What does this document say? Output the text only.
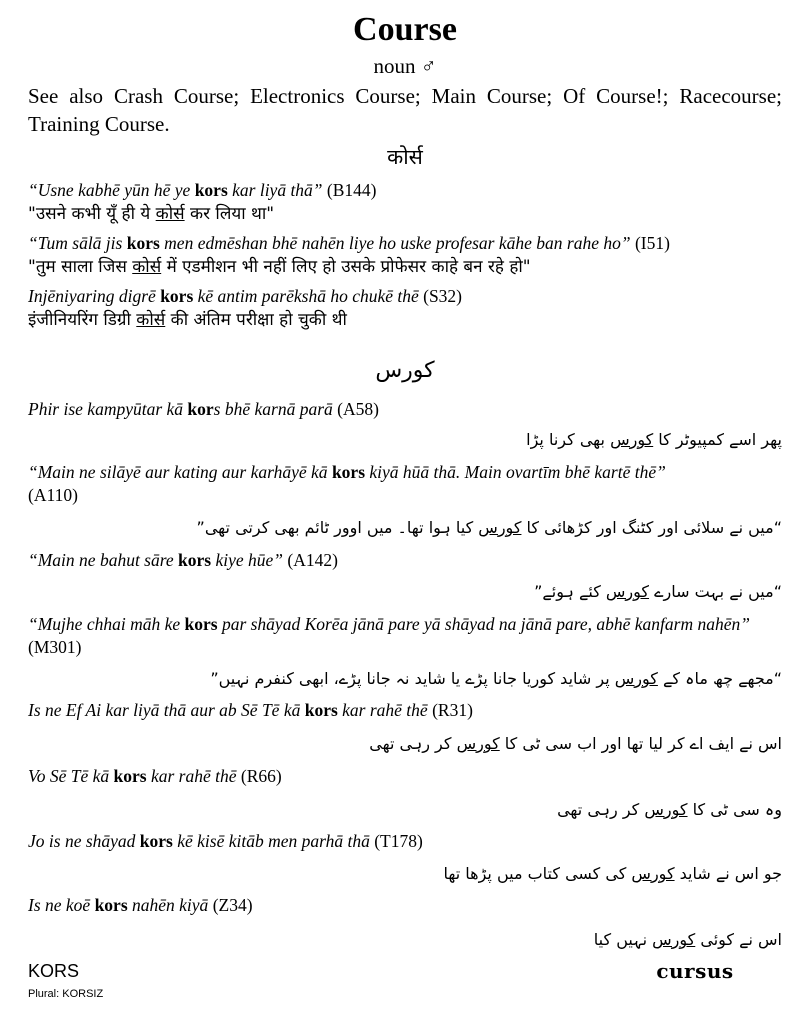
Course
noun ♂
See also Crash Course; Electronics Course; Main Course; Of Course!; Racecourse; Training Course.
कोर्स
“Usne kabhē yūn hē ye kors kar liyā thā” (B144)
"उसने कभी यूँ ही ये कोर्स कर लिया था"
“Tum sālā jis kors men edmēshan bhē nahēn liye ho uske profesar kāhe ban rahe ho” (I51)
"तुम साला जिस कोर्स में एडमीशन भी नहीं लिए हो उसके प्रोफेसर काहे बन रहे हो"
Injēniyaring digrē kors kē antim parēkshā ho chukē thē (S32)
इंजीनियरिंग डिग्री कोर्स की अंतिम परीक्षा हो चुकी थी
کورس
Phir ise kampyūtar kā kors bhē karnā parā (A58)
پھر اسے کمپیوٹر کا کورس بھی کرنا پڑا
“Main ne silāyē aur kating aur karhāyē kā kors kiyā hūā thā. Main ovartīm bhē kartē thē”
(A110)
“میں نے سلائی اور کٹنگ اور کڑھائی کا کورس کیا ہوا تھا۔ میں اوور ٹائم بھی کرتی تھی”
“Main ne bahut sāre kors kiye hūe” (A142)
“میں نے بہت سارے کورس کئے ہوئے”
“Mujhe chhai māh ke kors par shāyad Korēa jānā pare yā shāyad na jānā pare, abhē kanfarm nahēn” (M301)
“مجھے چھ ماہ کے کورس پر شاید کوریا جانا پڑے یا شاید نہ جانا پڑے، ابھی کنفرم نہیں”
Is ne Ef Ai kar liyā thā aur ab Sē Tē kā kors kar rahē thē (R31)
اس نے ایف اے کر لیا تھا اور اب سی ٹی کا کورس کر رہی تھی
Vo Sē Tē kā kors kar rahē thē (R66)
وہ سی ٹی کا کورس کر رہی تھی
Jo is ne shāyad kors kē kisē kitāb men parhā thā (T178)
جو اس نے شاید کورس کی کسی کتاب میں پڑھا تھا
Is ne koē kors nahēn kiyā (Z34)
اس نے کوئی کورس نہیں کیا
KORS
Plural: KORSIZ
cursus
